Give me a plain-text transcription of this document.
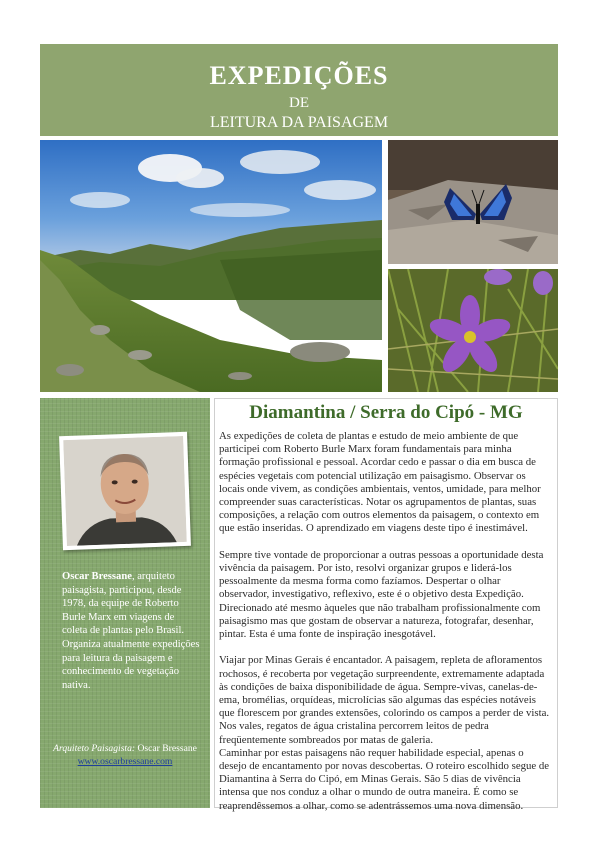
EXPEDIÇÕES
DE
LEITURA DA PAISAGEM
Oscar Bressane, arquiteto paisagista, participou, desde 1978, da equipe de Roberto Burle Marx em viagens de coleta de plantas pelo Brasil. Organiza atualmente expedições para leitura da paisagem e conhecimento de vegetação nativa.
Arquiteto Paisagista: Oscar Bressane
www.oscarbressane.com
Diamantina / Serra do Cipó - MG

As expedições de coleta de plantas e estudo de meio ambiente de que participei com Roberto Burle Marx foram fundamentais para minha formação profissional e pessoal. Acordar cedo e passar o dia em busca de espécies vegetais com potencial utilização em paisagismo. Observar os locais onde vivem, as condições ambientais, ventos, umidade, para melhor compreender suas características. Notar os agrupamentos de plantas, suas composições, a relação com outros elementos da paisagem, o contexto em que estão inseridas. O aprendizado em viagens deste tipo é inestimável.

Sempre tive vontade de proporcionar a outras pessoas a oportunidade desta vivência da paisagem. Por isto, resolvi organizar grupos e liderá-los pessoalmente da mesma forma como fazíamos. Despertar o olhar observador, investigativo, reflexivo, este é o objetivo desta Expedição. Direcionado até mesmo àqueles que não trabalham profissionalmente com paisagismo mas que gostam de observar a natureza, fotografar, desenhar, pintar. Esta é uma fonte de inspiração inesgotável.

Viajar por Minas Gerais é encantador. A paisagem, repleta de afloramentos rochosos, é recoberta por vegetação surpreendente, extremamente adaptada às condições de baixa disponibilidade de água. Sempre-vivas, canelas-de-ema, bromélias, orquídeas, microlícias são algumas das espécies notáveis que florescem por grandes extensões, colorindo os campos a perder de vista. Nos vales, regatos de água cristalina percorrem leitos de pedra freqüentemente sombreados por matas de galeria.

Caminhar por estas paisagens não requer habilidade especial, apenas o desejo de encantamento por novas descobertas. O roteiro escolhido segue de Diamantina à Serra do Cipó, em Minas Gerais. São 5 dias de vivência intensa que nos conduz a olhar o mundo de outra maneira. É como se reaprendêssemos a olhar, como se adentrássemos uma nova dimensão.
